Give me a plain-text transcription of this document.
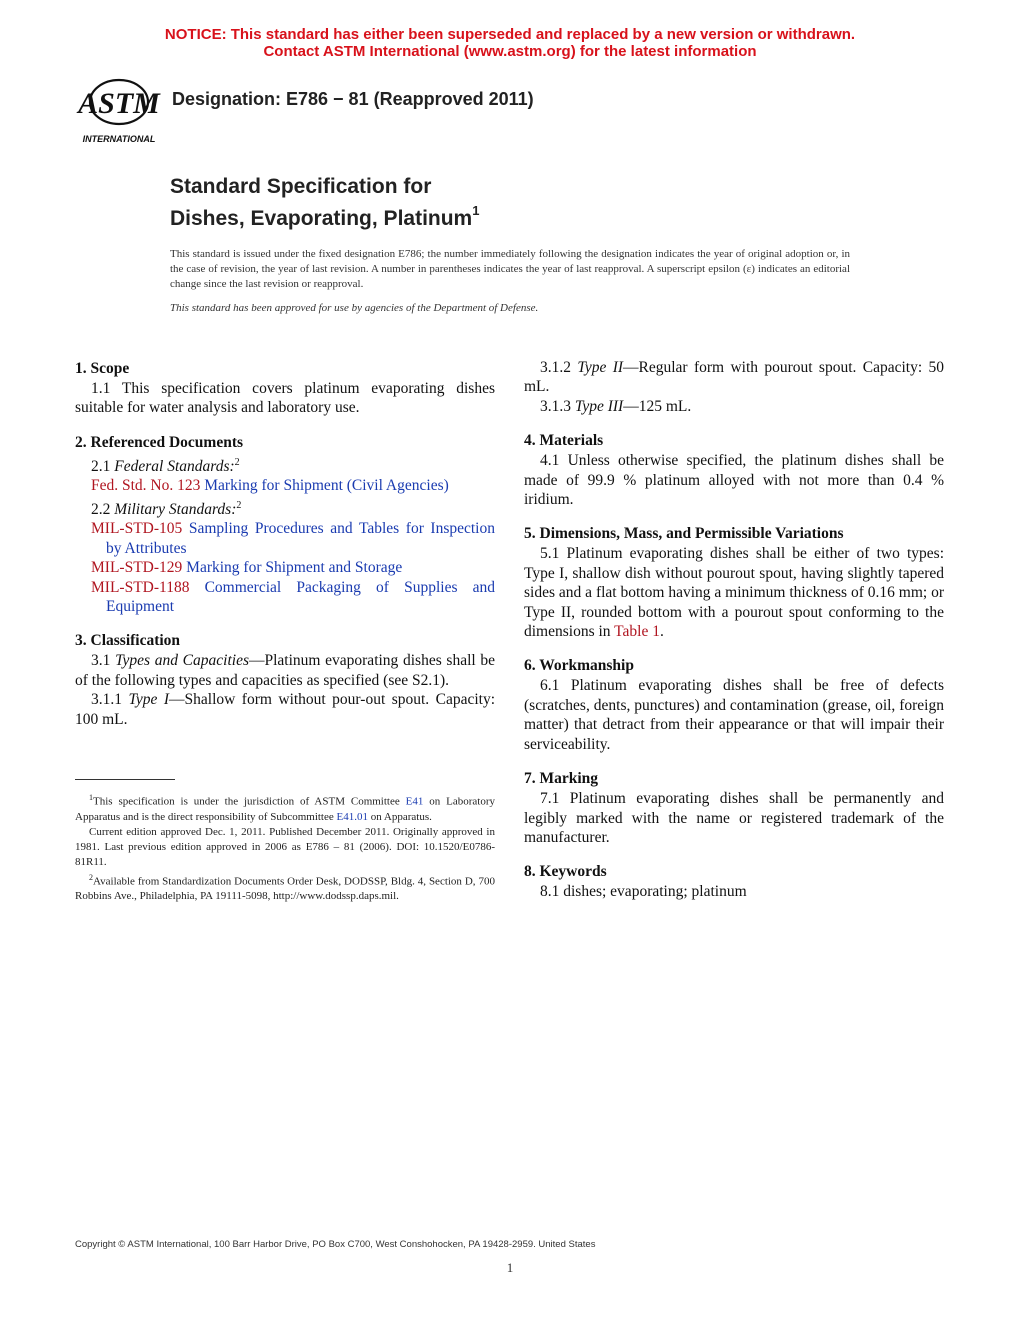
NOTICE: This standard has either been superseded and replaced by a new version or withdrawn.
Contact ASTM International (www.astm.org) for the latest information
ASTM
INTERNATIONAL
Designation: E786 − 81 (Reapproved 2011)
Standard Specification for
Dishes, Evaporating, Platinum$^1$
This standard is issued under the fixed designation E786; the number immediately following the designation indicates the year of original adoption or, in the case of revision, the year of last revision. A number in parentheses indicates the year of last reapproval. A superscript epsilon (ε) indicates an editorial change since the last revision or reapproval.
This standard has been approved for use by agencies of the Department of Defense.
1. Scope

1.1 This specification covers platinum evaporating dishes suitable for water analysis and laboratory use.

2. Referenced Documents

2.1 Federal Standards:$^2$

Fed. Std. No. 123 Marking for Shipment (Civil Agencies)

2.2 Military Standards:$^2$

MIL-STD-105 Sampling Procedures and Tables for Inspection by Attributes

MIL-STD-129 Marking for Shipment and Storage

MIL-STD-1188 Commercial Packaging of Supplies and Equipment

3. Classification

3.1 Types and Capacities—Platinum evaporating dishes shall be of the following types and capacities as specified (see S2.1).

3.1.1 Type I—Shallow form without pour-out spout. Capacity: 100 mL.

$^1$This specification is under the jurisdiction of ASTM Committee E41 on Laboratory Apparatus and is the direct responsibility of Subcommittee E41.01 on Apparatus.

Current edition approved Dec. 1, 2011. Published December 2011. Originally approved in 1981. Last previous edition approved in 2006 as E786 – 81 (2006). DOI: 10.1520/E0786-81R11.

$^2$Available from Standardization Documents Order Desk, DODSSP, Bldg. 4, Section D, 700 Robbins Ave., Philadelphia, PA 19111-5098, http://www.dodssp.daps.mil.

3.1.2 Type II—Regular form with pourout spout. Capacity: 50 mL.

3.1.3 Type III—125 mL.

4. Materials

4.1 Unless otherwise specified, the platinum dishes shall be made of 99.9 % platinum alloyed with not more than 0.4 % iridium.

5. Dimensions, Mass, and Permissible Variations

5.1 Platinum evaporating dishes shall be either of two types: Type I, shallow dish without pourout spout, having slightly tapered sides and a flat bottom having a minimum thickness of 0.16 mm; or Type II, rounded bottom with a pourout spout conforming to the dimensions in Table 1.

6. Workmanship

6.1 Platinum evaporating dishes shall be free of defects (scratches, dents, punctures) and contamination (grease, oil, foreign matter) that detract from their appearance or that will impair their serviceability.

7. Marking

7.1 Platinum evaporating dishes shall be permanently and legibly marked with the name or registered trademark of the manufacturer.

8. Keywords

8.1 dishes; evaporating; platinum

Copyright © ASTM International, 100 Barr Harbor Drive, PO Box C700, West Conshohocken, PA 19428-2959. United States
1
